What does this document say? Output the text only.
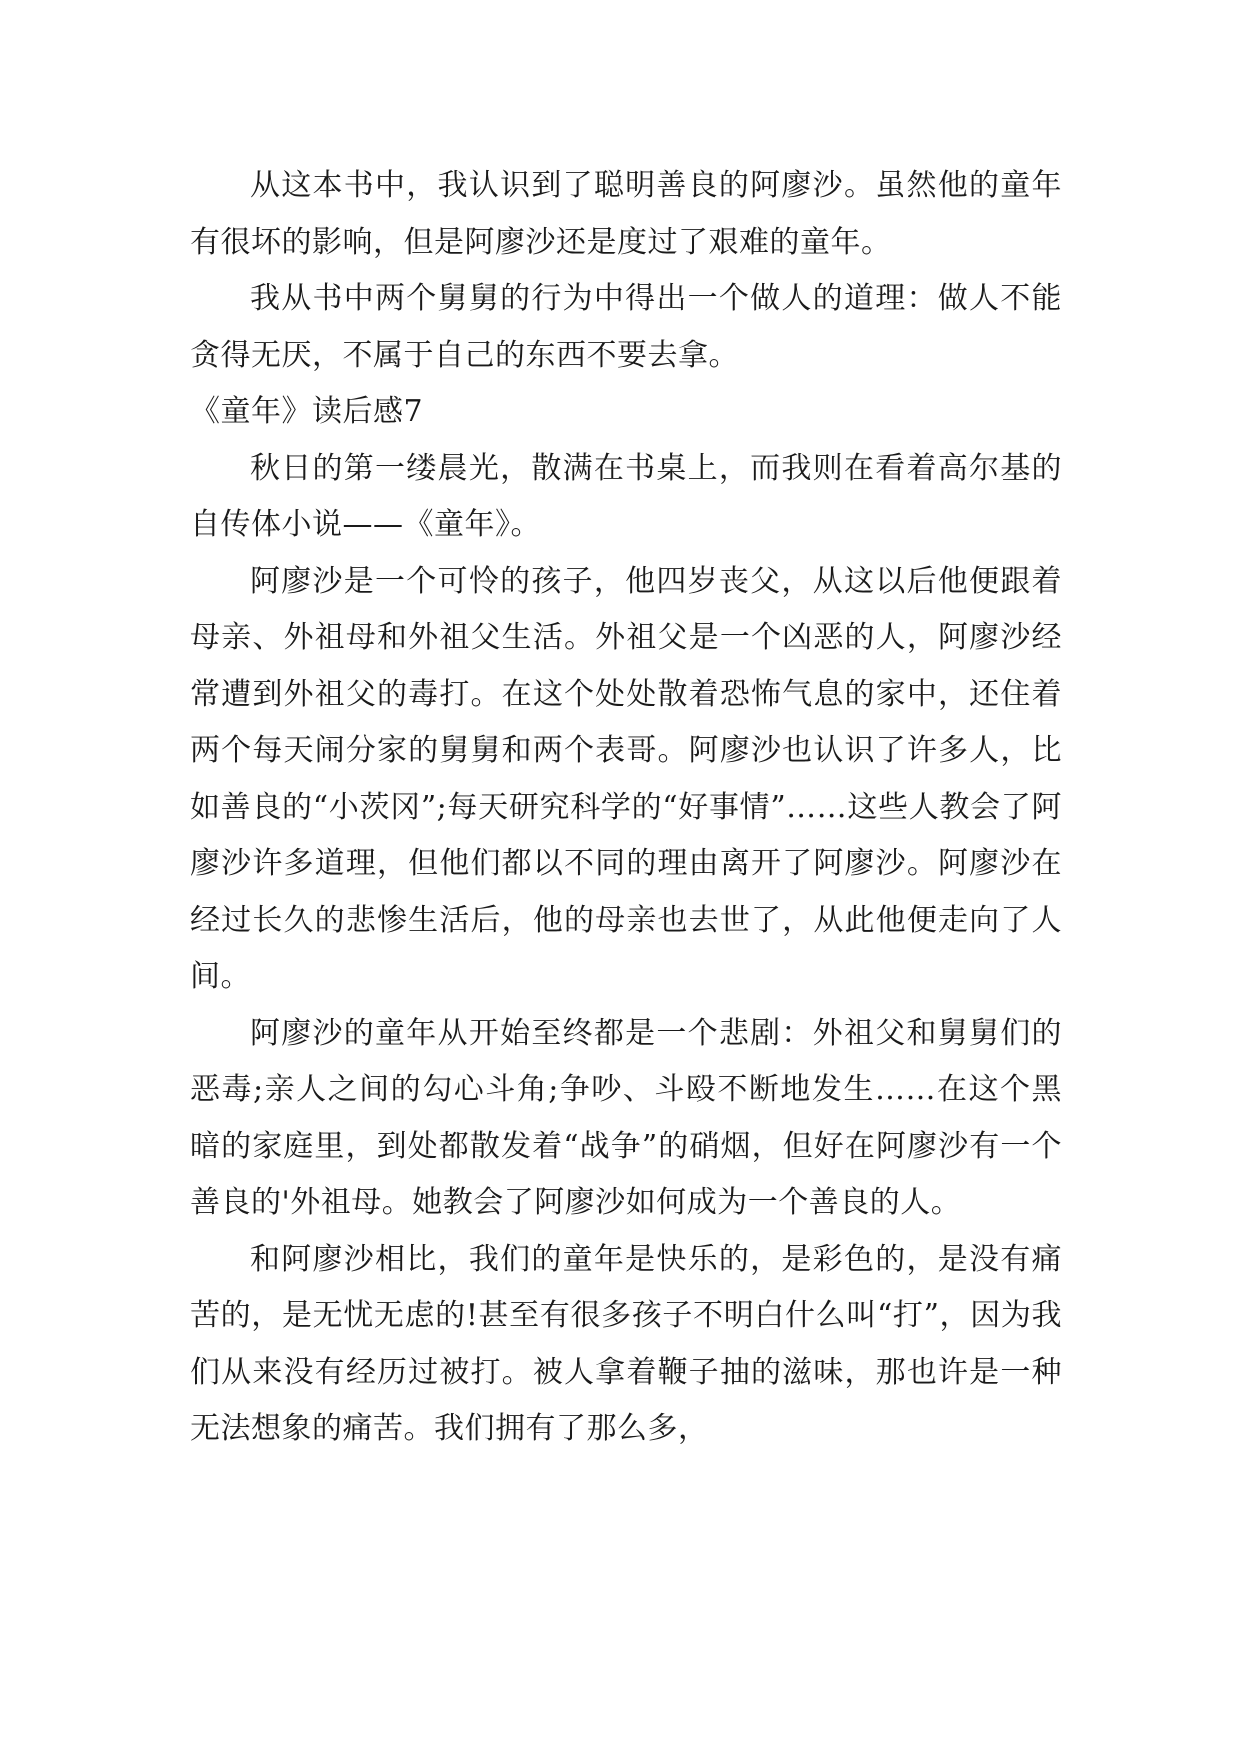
从这本书中，我认识到了聪明善良的阿廖沙。虽然他的童年有很坏的影响，但是阿廖沙还是度过了艰难的童年。

我从书中两个舅舅的行为中得出一个做人的道理：做人不能贪得无厌，不属于自己的东西不要去拿。

《童年》读后感7

秋日的第一缕晨光，散满在书桌上，而我则在看着高尔基的自传体小说——《童年》。

阿廖沙是一个可怜的孩子，他四岁丧父，从这以后他便跟着母亲、外祖母和外祖父生活。外祖父是一个凶恶的人，阿廖沙经常遭到外祖父的毒打。在这个处处散着恐怖气息的家中，还住着两个每天闹分家的舅舅和两个表哥。阿廖沙也认识了许多人，比如善良的“小茨冈”;每天研究科学的“好事情”……这些人教会了阿廖沙许多道理，但他们都以不同的理由离开了阿廖沙。阿廖沙在经过长久的悲惨生活后，他的母亲也去世了，从此他便走向了人间。

阿廖沙的童年从开始至终都是一个悲剧：外祖父和舅舅们的恶毒;亲人之间的勾心斗角;争吵、斗殴不断地发生……在这个黑暗的家庭里，到处都散发着“战争”的硝烟，但好在阿廖沙有一个善良的'外祖母。她教会了阿廖沙如何成为一个善良的人。

和阿廖沙相比，我们的童年是快乐的，是彩色的，是没有痛苦的，是无忧无虑的!甚至有很多孩子不明白什么叫“打”，因为我们从来没有经历过被打。被人拿着鞭子抽的滋味，那也许是一种无法想象的痛苦。我们拥有了那么多，
